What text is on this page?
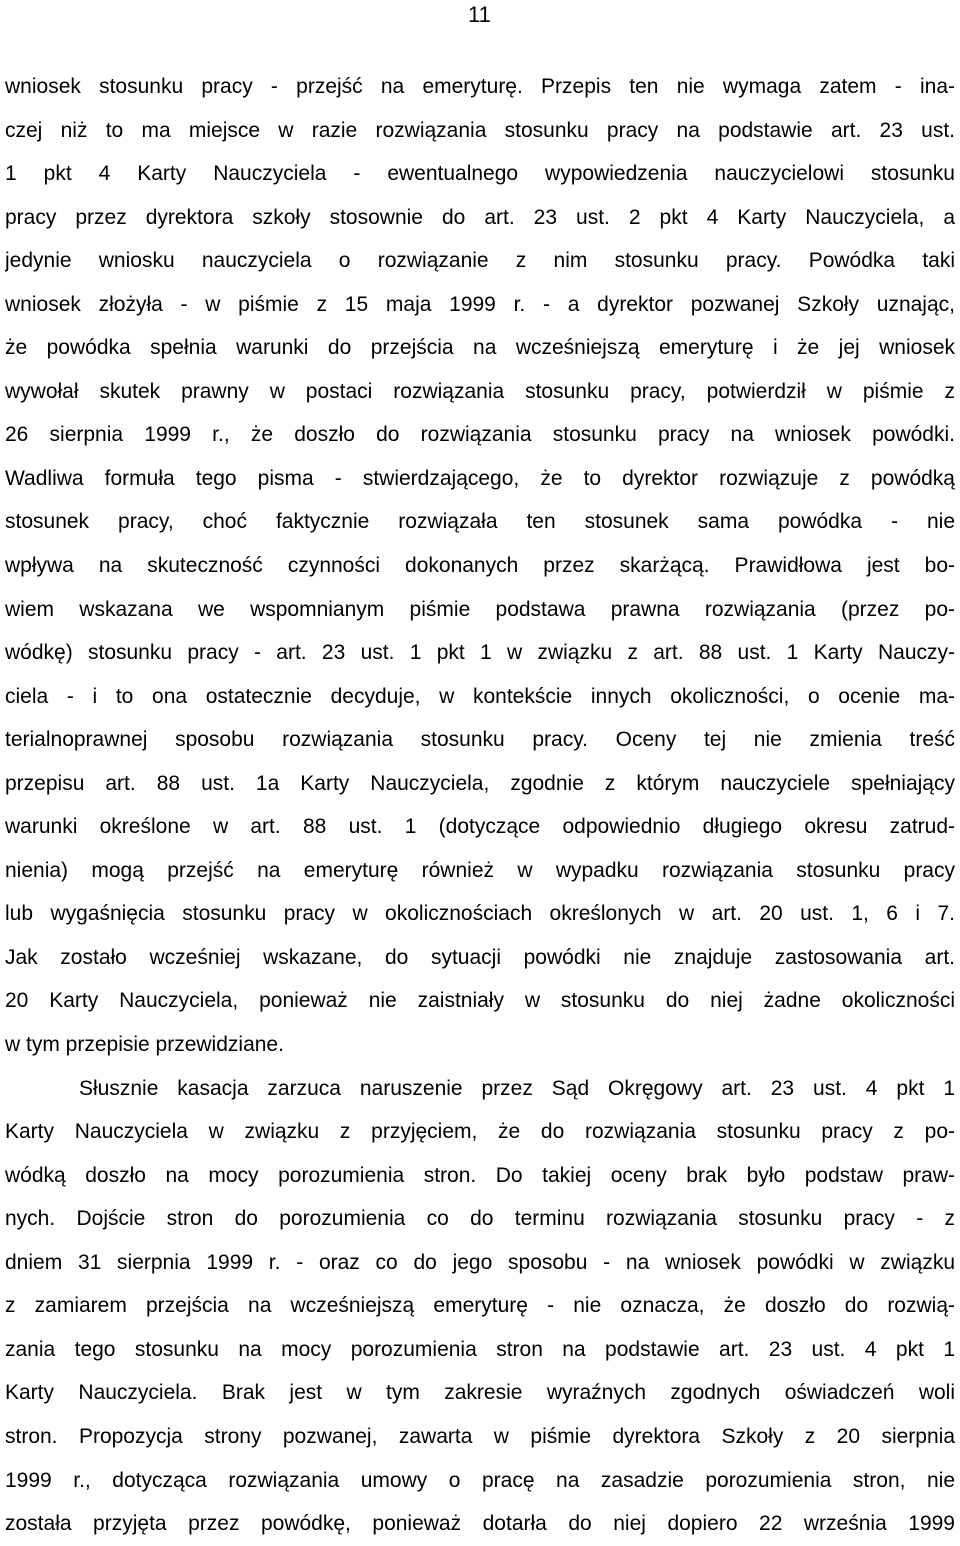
11
wniosek stosunku pracy - przejść na emeryturę. Przepis ten nie wymaga zatem - ina-
czej niż to ma miejsce w razie rozwiązania stosunku pracy na podstawie art. 23 ust.
1 pkt 4 Karty Nauczyciela - ewentualnego wypowiedzenia nauczycielowi stosunku
pracy przez dyrektora szkoły stosownie do art. 23 ust. 2 pkt 4 Karty Nauczyciela, a
jedynie wniosku nauczyciela o rozwiązanie z nim stosunku pracy. Powódka taki
wniosek złożyła - w piśmie z 15 maja 1999 r. - a dyrektor pozwanej Szkoły uznając,
że powódka spełnia warunki do przejścia na wcześniejszą emeryturę i że jej wniosek
wywołał skutek prawny w postaci rozwiązania stosunku pracy, potwierdził w piśmie z
26 sierpnia 1999 r., że doszło do rozwiązania stosunku pracy na wniosek powódki.
Wadliwa formuła tego pisma - stwierdzającego, że to dyrektor rozwiązuje z powódką
stosunek pracy, choć faktycznie rozwiązała ten stosunek sama powódka - nie
wpływa na skuteczność czynności dokonanych przez skarżącą. Prawidłowa jest bo-
wiem wskazana we wspomnianym piśmie podstawa prawna rozwiązania (przez po-
wódkę) stosunku pracy - art. 23 ust. 1 pkt 1 w związku z art. 88 ust. 1 Karty Nauczy-
ciela - i to ona ostatecznie decyduje, w kontekście innych okoliczności, o ocenie ma-
terialnoprawnej sposobu rozwiązania stosunku pracy. Oceny tej nie zmienia treść
przepisu art. 88 ust. 1a Karty Nauczyciela, zgodnie z którym nauczyciele spełniający
warunki określone w art. 88 ust. 1 (dotyczące odpowiednio długiego okresu zatrud-
nienia) mogą przejść na emeryturę również w wypadku rozwiązania stosunku pracy
lub wygaśnięcia stosunku pracy w okolicznościach określonych w art. 20 ust. 1, 6 i 7.
Jak zostało wcześniej wskazane, do sytuacji powódki nie znajduje zastosowania art.
20 Karty Nauczyciela, ponieważ nie zaistniały w stosunku do niej żadne okoliczności
w tym przepisie przewidziane.
Słusznie kasacja zarzuca naruszenie przez Sąd Okręgowy art. 23 ust. 4 pkt 1
Karty Nauczyciela w związku z przyjęciem, że do rozwiązania stosunku pracy z po-
wódką doszło na mocy porozumienia stron. Do takiej oceny brak było podstaw praw-
nych. Dojście stron do porozumienia co do terminu rozwiązania stosunku pracy - z
dniem 31 sierpnia 1999 r. - oraz co do jego sposobu - na wniosek powódki w związku
z zamiarem przejścia na wcześniejszą emeryturę - nie oznacza, że doszło do rozwią-
zania tego stosunku na mocy porozumienia stron na podstawie art. 23 ust. 4 pkt 1
Karty Nauczyciela. Brak jest w tym zakresie wyraźnych zgodnych oświadczeń woli
stron. Propozycja strony pozwanej, zawarta w piśmie dyrektora Szkoły z 20 sierpnia
1999 r., dotycząca rozwiązania umowy o pracę na zasadzie porozumienia stron, nie
została przyjęta przez powódkę, ponieważ dotarła do niej dopiero 22 września 1999
